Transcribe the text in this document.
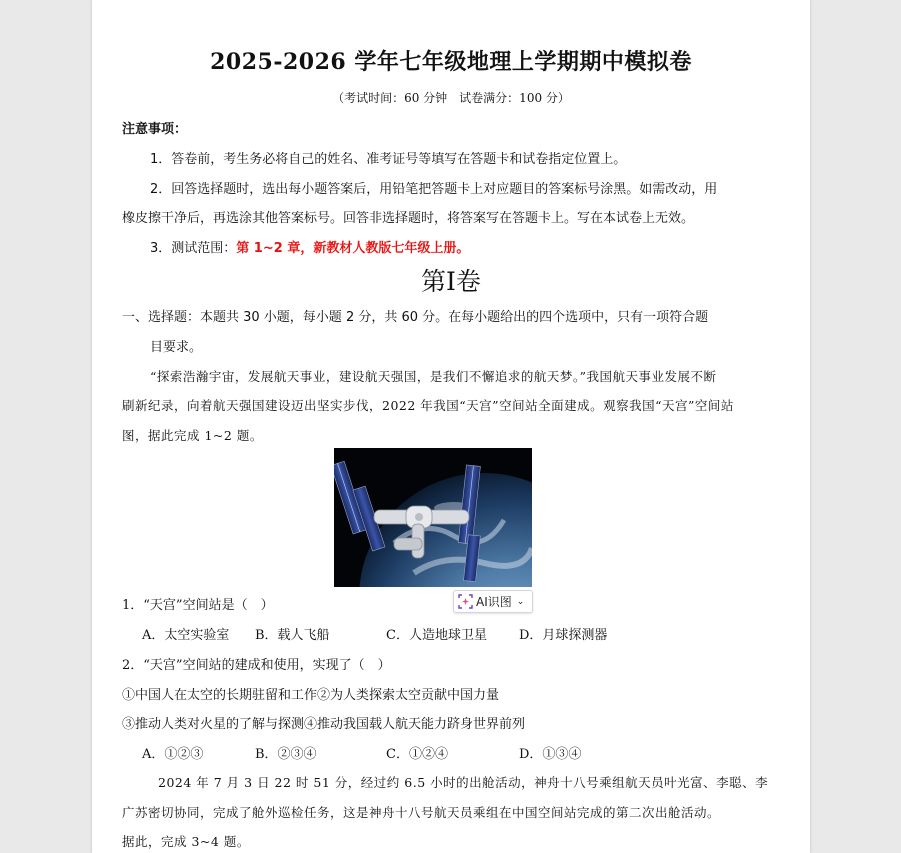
2025-2026 学年七年级地理上学期期中模拟卷
（考试时间：60 分钟　试卷满分：100 分）
注意事项：
1．答卷前，考生务必将自己的姓名、准考证号等填写在答题卡和试卷指定位置上。
2．回答选择题时，选出每小题答案后，用铅笔把答题卡上对应题目的答案标号涂黑。如需改动，用
橡皮擦干净后，再选涂其他答案标号。回答非选择题时，将答案写在答题卡上。写在本试卷上无效。
3．测试范围：第 1~2 章，新教材人教版七年级上册。
第Ⅰ卷
一、选择题：本题共 30 小题，每小题 2 分，共 60 分。在每小题给出的四个选项中，只有一项符合题
目要求。
“探索浩瀚宇宙，发展航天事业，建设航天强国，是我们不懈追求的航天梦。”我国航天事业发展不断
刷新纪录，向着航天强国建设迈出坚实步伐，2022 年我国“天宫”空间站全面建成。观察我国“天宫”空间站
图，据此完成 1~2 题。
AI识图 ⌄
1．“天宫”空间站是（　）
A．太空实验室 B．载人飞船	C．人造地球卫星 D．月球探测器
2．“天宫”空间站的建成和使用，实现了（　）
①中国人在太空的长期驻留和工作②为人类探索太空贡献中国力量
③推动人类对火星的了解与探测④推动我国载人航天能力跻身世界前列
A．①②③	B．②③④	C．①②④	D．①③④
2024 年 7 月 3 日 22 时 51 分，经过约 6.5 小时的出舱活动，神舟十八号乘组航天员叶光富、李聪、李
广苏密切协同，完成了舱外巡检任务，这是神舟十八号航天员乘组在中国空间站完成的第二次出舱活动。
据此，完成 3~4 题。
